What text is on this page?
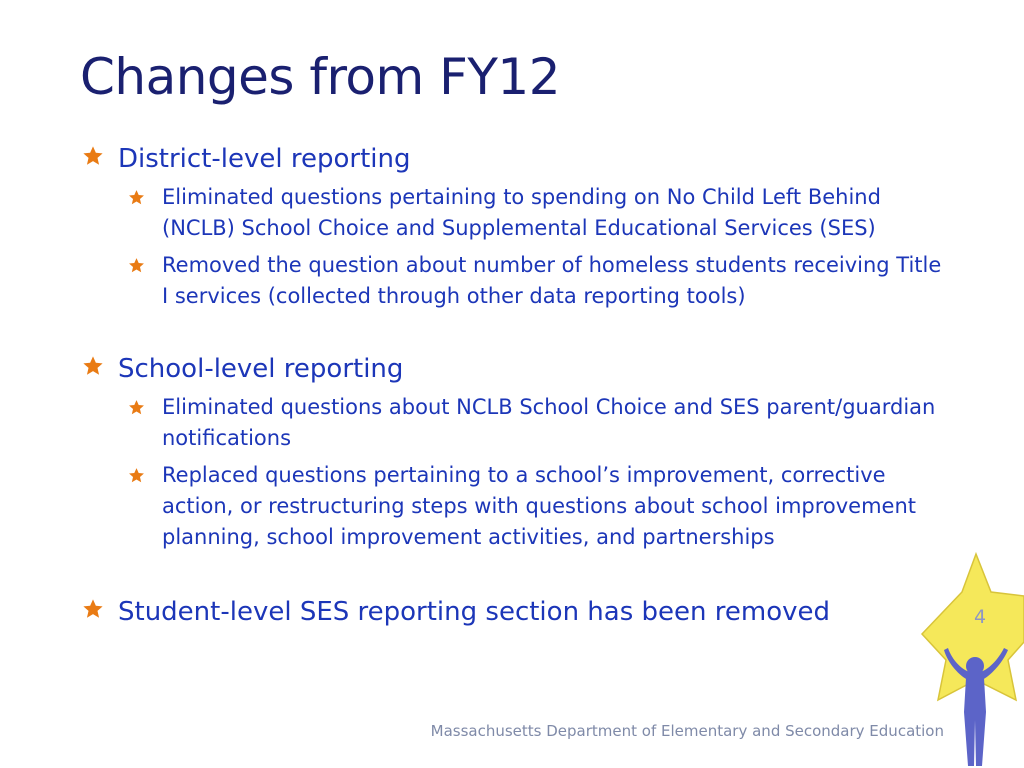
Changes from FY12
District-level reporting
Eliminated questions pertaining to spending on No Child Left Behind (NCLB) School Choice and Supplemental Educational Services (SES)
Removed the question about number of homeless students receiving Title I services (collected through other data reporting tools)
School-level reporting
Eliminated questions about NCLB School Choice and SES parent/guardian notifications
Replaced questions pertaining to a school’s improvement, corrective action, or restructuring steps with questions about school improvement planning, school improvement activities, and partnerships
Student-level SES reporting section has been removed
Massachusetts Department of Elementary and Secondary Education
4
